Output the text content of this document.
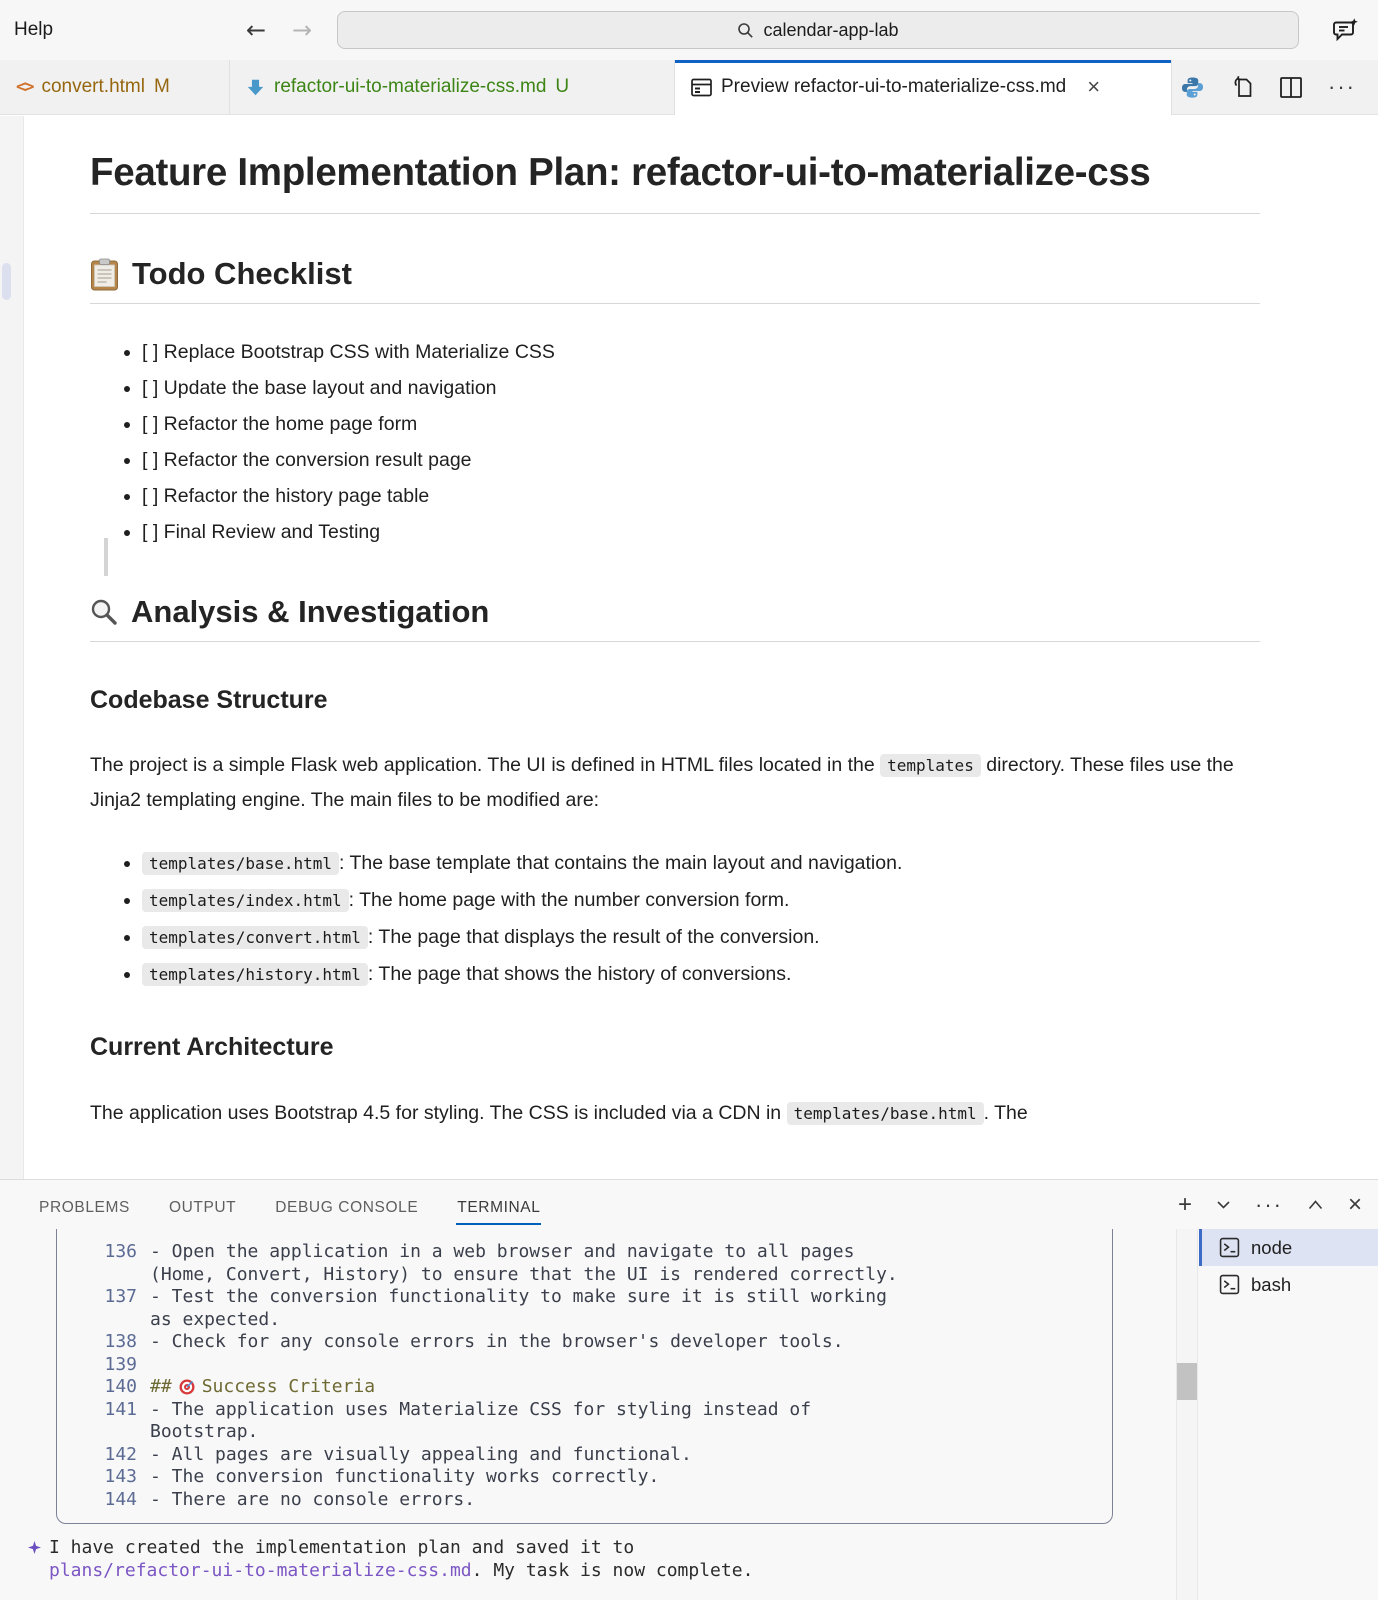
Help	← →	calendar-app-lab
<> convert.html M	refactor-ui-to-materialize-css.md U	Preview refactor-ui-to-materialize-css.md ×	···
Feature Implementation Plan: refactor-ui-to-materialize-css
Todo Checklist
• [ ] Replace Bootstrap CSS with Materialize CSS
• [ ] Update the base layout and navigation
• [ ] Refactor the home page form
• [ ] Refactor the conversion result page
• [ ] Refactor the history page table
• [ ] Final Review and Testing
Analysis & Investigation
Codebase Structure

The project is a simple Flask web application. The UI is defined in HTML files located in the templates directory. These files use the Jinja2 templating engine. The main files to be modified are:

• templates/base.html : The base template that contains the main layout and navigation.
• templates/index.html : The home page with the number conversion form.
• templates/convert.html : The page that displays the result of the conversion.
• templates/history.html : The page that shows the history of conversions.
Current Architecture

The application uses Bootstrap 4.5 for styling. The CSS is included via a CDN in templates/base.html . The

PROBLEMS	OUTPUT	DEBUG CONSOLE	TERMINAL	+	···	×
136 - Open the application in a web browser and navigate to all pages
(Home, Convert, History) to ensure that the UI is rendered correctly.
137 - Test the conversion functionality to make sure it is still working
as expected.
138 - Check for any console errors in the browser's developer tools.
139
140 ## Success Criteria
141 - The application uses Materialize CSS for styling instead of
Bootstrap.
142 - All pages are visually appealing and functional.
143 - The conversion functionality works correctly.
144 - There are no console errors.
I have created the implementation plan and saved it to
plans/refactor-ui-to-materialize-css.md. My task is now complete.
node
bash
